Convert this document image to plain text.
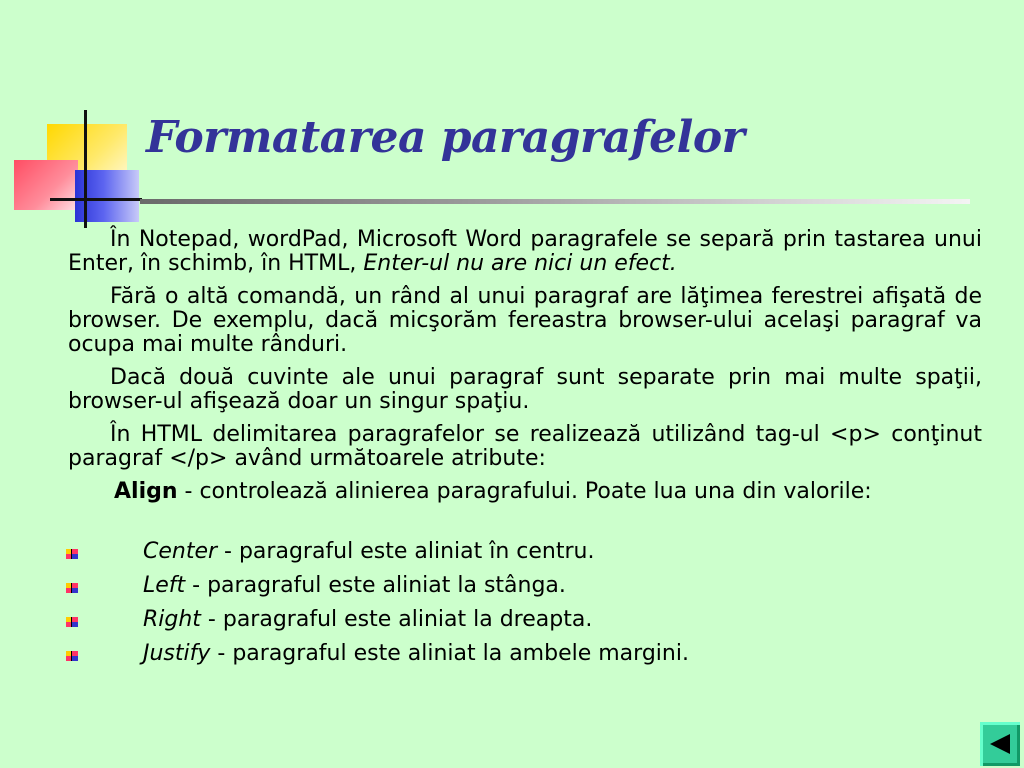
Formatarea paragrafelor

În Notepad, wordPad, Microsoft Word paragrafele se separă prin tastarea unui Enter, în schimb, în HTML, Enter-ul nu are nici un efect.

Fără o altă comandă, un rând al unui paragraf are lăţimea ferestrei afişată de browser. De exemplu, dacă micşorăm fereastra browser-ului acelaşi paragraf va ocupa mai multe rânduri.

Dacă două cuvinte ale unui paragraf sunt separate prin mai multe spaţii, browser-ul afişează doar un singur spaţiu.

În HTML delimitarea paragrafelor se realizează utilizând tag-ul <p> conţinut paragraf </p> având următoarele atribute:

Align - controlează alinierea paragrafului. Poate lua una din valorile:

Center - paragraful este aliniat în centru.
Left - paragraful este aliniat la stânga.
Right - paragraful este aliniat la dreapta.
Justify - paragraful este aliniat la ambele margini.
